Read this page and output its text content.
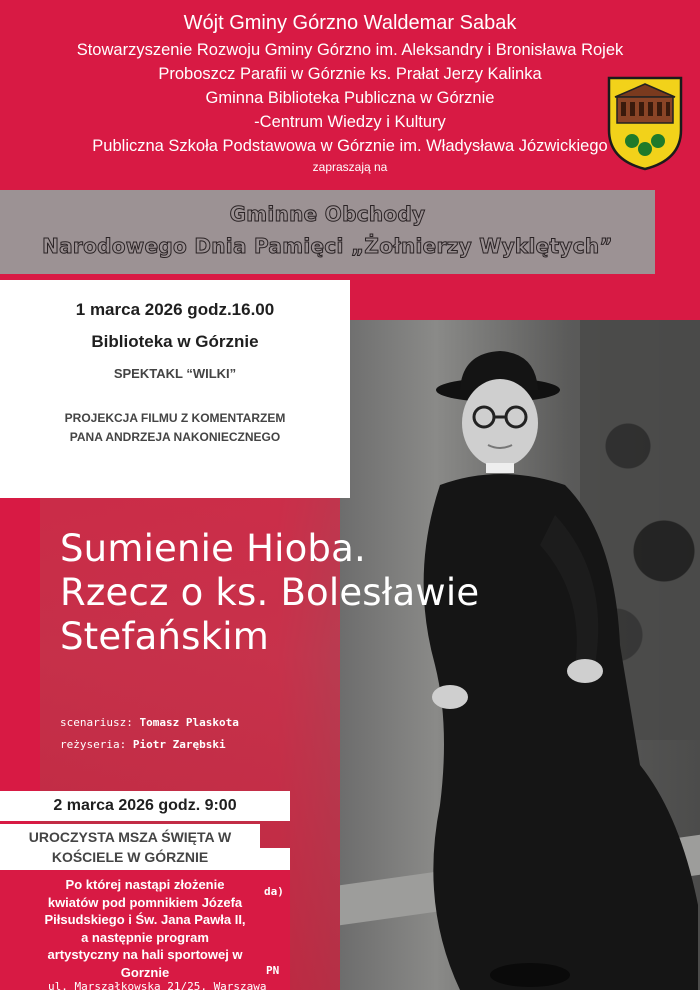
Wójt Gminy Górzno Waldemar Sabak
Stowarzyszenie Rozwoju Gminy Górzno im. Aleksandry i Bronisława Rojek
Proboszcz Parafii w Górznie ks. Prałat Jerzy Kalinka
Gminna Biblioteka Publiczna w Górznie
-Centrum Wiedzy i Kultury
Publiczna Szkoła Podstawowa w Górznie im. Władysława Józwickiego
zapraszają na
Gminne Obchody
Narodowego Dnia Pamięci „Żołnierzy Wyklętych”
Sumienie Hioba.
Rzecz o ks. Bolesławie
Stefańskim
scenariusz: Tomasz Plaskota
reżyseria: Piotr Zarębski
1 marca 2026 godz.16.00
Biblioteka w Górznie
SPEKTAKL “WILKI”
PROJEKCJA FILMU Z KOMENTARZEM
PANA ANDRZEJA NAKONIECZNEGO
2 marca 2026 godz. 9:00
UROCZYSTA MSZA ŚWIĘTA W
KOŚCIELE W GÓRZNIE
Po której nastąpi złożenie
kwiatów pod pomnikiem Józefa
Piłsudskiego i Św. Jana Pawła II,
a następnie program
artystyczny na hali sportowej w
Gorznie
da)
PN
ul. Marszałkowska 21/25, Warszawa
